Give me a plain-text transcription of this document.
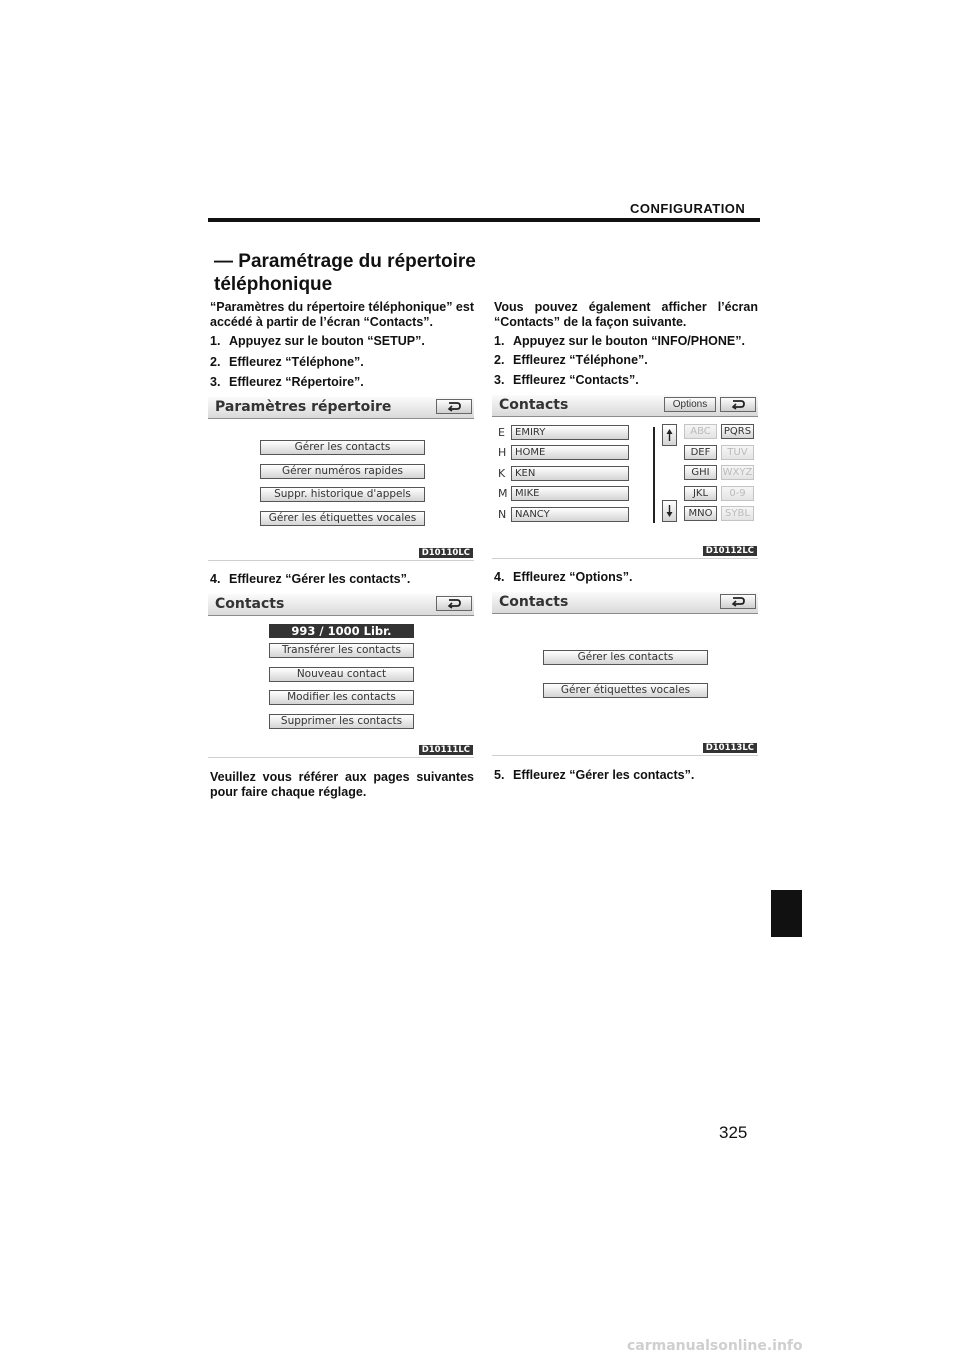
CONFIGURATION
— Paramétrage du répertoire téléphonique
“Paramètres du répertoire téléphonique” est accédé à partir de l’écran “Contacts”.
1. Appuyez sur le bouton “SETUP”.
2. Effleurez “Téléphone”.
3. Effleurez “Répertoire”.
Paramètres répertoire
Gérer les contacts
Gérer numéros rapides
Suppr. historique d'appels
Gérer les étiquettes vocales
D10110LC
4. Effleurez “Gérer les contacts”.
Contacts
993 / 1000 Libr.
Transférer les contacts
Nouveau contact
Modifier les contacts
Supprimer les contacts
D10111LC
Veuillez vous référer aux pages suivantes pour faire chaque réglage.
Vous pouvez également afficher l’écran “Contacts” de la façon suivante.
1. Appuyez sur le bouton “INFO/PHONE”.
2. Effleurez “Téléphone”.
3. Effleurez “Contacts”.
Contacts	Options
E	EMIRY
H HOME
K KEN
M MIKE
N NANCY
ABC	PQRS
DEF	TUV
GHI	WXYZ
JKL	0-9
MNO	SYBL
D10112LC
4. Effleurez “Options”.
Contacts
Gérer les contacts
Gérer étiquettes vocales
D10113LC
5. Effleurez “Gérer les contacts”.
325
carmanualsonline.info
